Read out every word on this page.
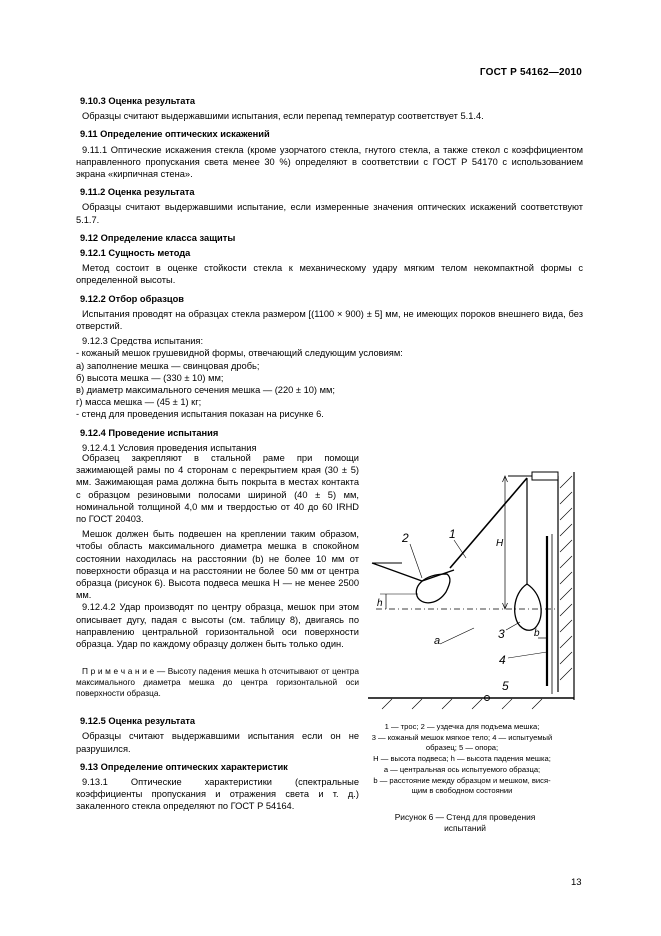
ГОСТ Р 54162—2010

9.10.3 Оценка результата

Образцы считают выдержавшими испытания, если перепад температур соответствует 5.1.4.

9.11 Определение оптических искажений

9.11.1 Оптические искажения стекла (кроме узорчатого стекла, гнутого стекла, а также стекол с коэффициентом направленного пропускания света менее 30 %) определяют в соответствии с ГОСТ Р 54170 с использованием экрана «кирпичная стена».

9.11.2 Оценка результата

Образцы считают выдержавшими испытание, если измеренные значения оптических искажений соответствуют 5.1.7.

9.12 Определение класса защиты

9.12.1 Сущность метода

Метод состоит в оценке стойкости стекла к механическому удару мягким телом некомпактной формы с определенной высоты.

9.12.2 Отбор образцов

Испытания проводят на образцах стекла размером [(1100 × 900) ± 5] мм, не имеющих пороков внешнего вида, без отверстий.

9.12.3 Средства испытания:

- кожаный мешок грушевидной формы, отвечающий следующим условиям:

а) заполнение мешка — свинцовая дробь;

б) высота мешка — (330 ± 10) мм;

в) диаметр максимального сечения мешка — (220 ± 10) мм;

г) масса мешка — (45 ± 1) кг;

- стенд для проведения испытания показан на рисунке 6.

9.12.4 Проведение испытания

9.12.4.1 Условия проведения испытания

Образец закрепляют в стальной раме при помощи зажимающей рамы по 4 сторонам с перекрытием края (30 ± 5) мм. Зажимающая рама должна быть покрыта в местах контакта с образцом резиновыми полосами шириной (40 ± 5) мм, номинальной толщиной 4,0 мм и твердостью от 40 до 60 IRHD по ГОСТ 20403.

Мешок должен быть подвешен на креплении таким образом, чтобы область максимального диаметра мешка в спокойном состоянии находилась на расстоянии (b) не более 10 мм от поверхности образца и на расстоянии не более 50 мм от центра образца (рисунок 6). Высота подвеса мешка H — не менее 2500 мм.

9.12.4.2 Удар производят по центру образца, мешок при этом описывает дугу, падая с высоты (см. таблицу 8), двигаясь по направлению центральной горизонтальной оси поверхности образца. Удар по каждому образцу должен быть только один.

П р и м е ч а н и е — Высоту падения мешка h отсчитывают от центра максимального диаметра мешка до центра горизонтальной оси поверхности образца.

9.12.5 Оценка результата

Образцы считают выдержавшими испытания если он не разрушился.

9.13 Определение оптических характеристик

9.13.1 Оптические характеристики (спектральные коэффициенты пропускания и отражения света и т. д.) закаленного стекла определяют по ГОСТ Р 54164.

2	1
H
h
а	3	b
4
5

1 — трос; 2 — уздечка для подъема мешка;

3 — кожаный мешок мягкое тело; 4 — испытуемый

образец; 5 — опора;

H — высота подвеса; h — высота падения мешка;

а — центральная ось испытуемого образца;

b — расстояние между образцом и мешком, вися-

щим в свободном состоянии

Рисунок 6 — Стенд для проведения испытаний
13
